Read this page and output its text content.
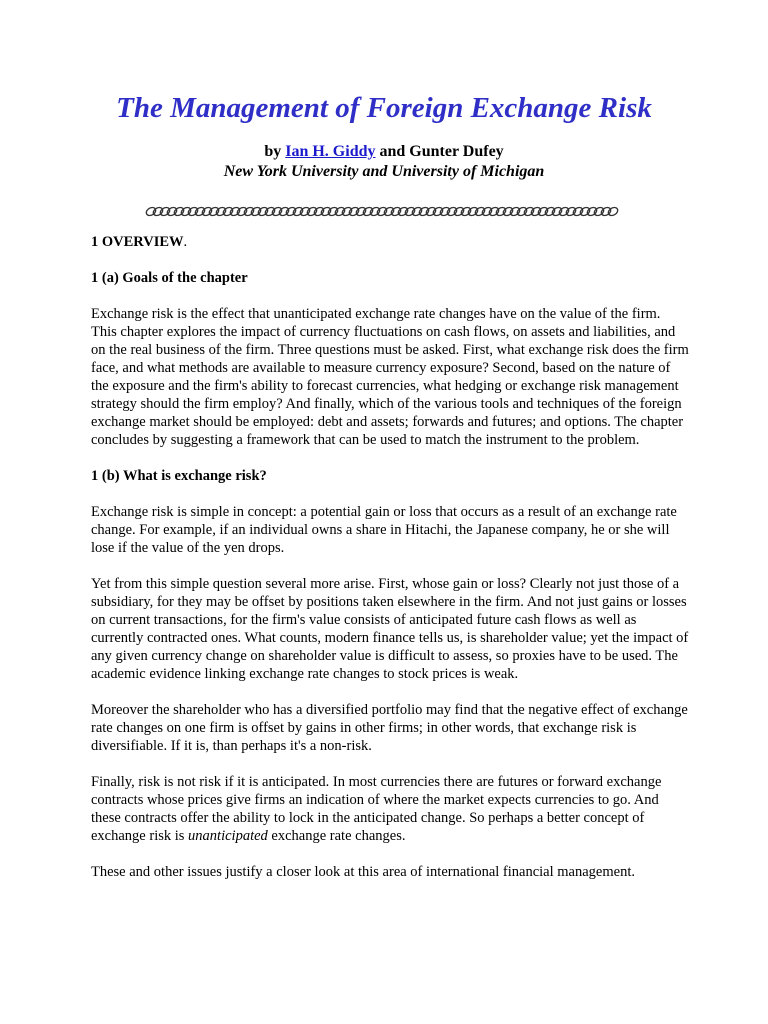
The Management of Foreign Exchange Risk
by Ian H. Giddy and Gunter Dufey
New York University and University of Michigan
1 OVERVIEW.
1 (a) Goals of the chapter

Exchange risk is the effect that unanticipated exchange rate changes have on the value of the firm. This chapter explores the impact of currency fluctuations on cash flows, on assets and liabilities, and on the real business of the firm. Three questions must be asked. First, what exchange risk does the firm face, and what methods are available to measure currency exposure? Second, based on the nature of the exposure and the firm's ability to forecast currencies, what hedging or exchange risk management strategy should the firm employ? And finally, which of the various tools and techniques of the foreign exchange market should be employed: debt and assets; forwards and futures; and options. The chapter concludes by suggesting a framework that can be used to match the instrument to the problem.

1 (b) What is exchange risk?

Exchange risk is simple in concept: a potential gain or loss that occurs as a result of an exchange rate change. For example, if an individual owns a share in Hitachi, the Japanese company, he or she will lose if the value of the yen drops.

Yet from this simple question several more arise. First, whose gain or loss? Clearly not just those of a subsidiary, for they may be offset by positions taken elsewhere in the firm. And not just gains or losses on current transactions, for the firm's value consists of anticipated future cash flows as well as currently contracted ones. What counts, modern finance tells us, is shareholder value; yet the impact of any given currency change on shareholder value is difficult to assess, so proxies have to be used. The academic evidence linking exchange rate changes to stock prices is weak.

Moreover the shareholder who has a diversified portfolio may find that the negative effect of exchange rate changes on one firm is offset by gains in other firms; in other words, that exchange risk is diversifiable. If it is, than perhaps it's a non-risk.

Finally, risk is not risk if it is anticipated. In most currencies there are futures or forward exchange contracts whose prices give firms an indication of where the market expects currencies to go. And these contracts offer the ability to lock in the anticipated change. So perhaps a better concept of exchange risk is unanticipated exchange rate changes.

These and other issues justify a closer look at this area of international financial management.
